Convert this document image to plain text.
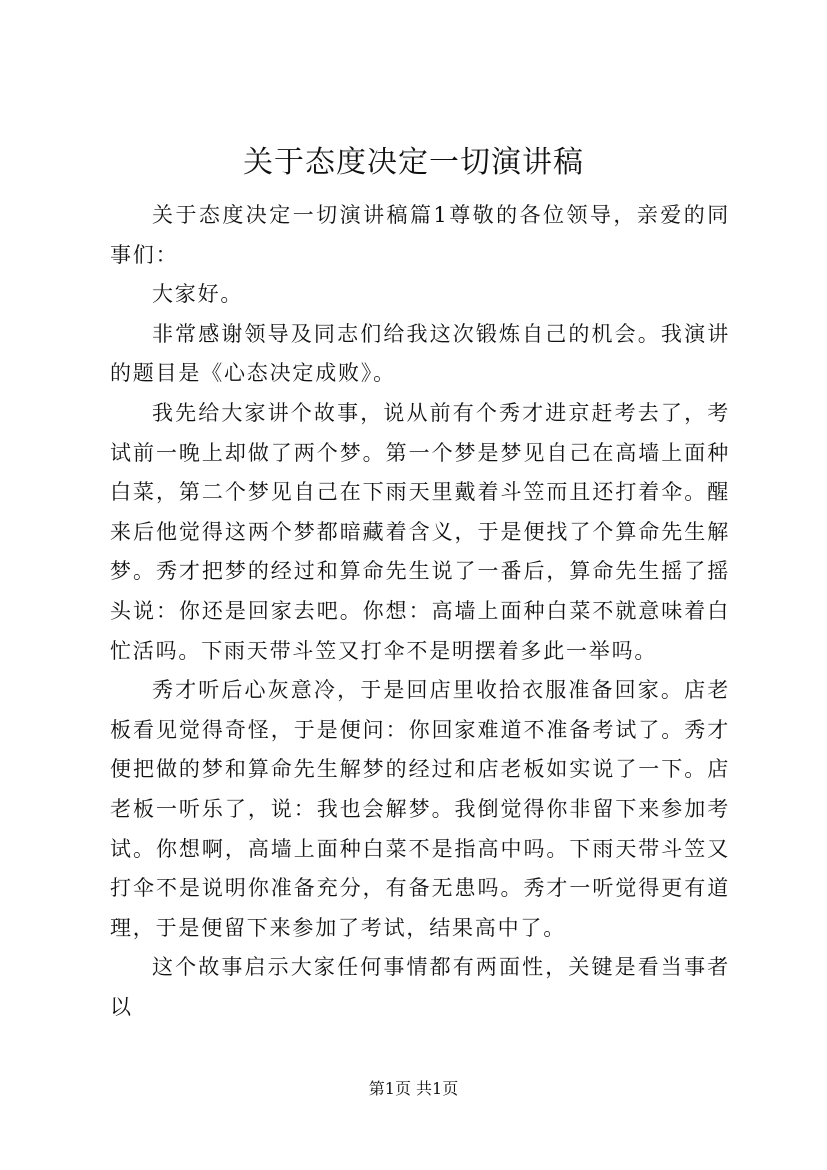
关于态度决定一切演讲稿

关于态度决定一切演讲稿篇1尊敬的各位领导，亲爱的同事们：

大家好。

非常感谢领导及同志们给我这次锻炼自己的机会。我演讲的题目是《心态决定成败》。

我先给大家讲个故事，说从前有个秀才进京赶考去了，考试前一晚上却做了两个梦。第一个梦是梦见自己在高墙上面种白菜，第二个梦见自己在下雨天里戴着斗笠而且还打着伞。醒来后他觉得这两个梦都暗藏着含义，于是便找了个算命先生解梦。秀才把梦的经过和算命先生说了一番后，算命先生摇了摇头说：你还是回家去吧。你想：高墙上面种白菜不就意味着白忙活吗。下雨天带斗笠又打伞不是明摆着多此一举吗。

秀才听后心灰意冷，于是回店里收拾衣服准备回家。店老板看见觉得奇怪，于是便问：你回家难道不准备考试了。秀才便把做的梦和算命先生解梦的经过和店老板如实说了一下。店老板一听乐了，说：我也会解梦。我倒觉得你非留下来参加考试。你想啊，高墙上面种白菜不是指高中吗。下雨天带斗笠又打伞不是说明你准备充分，有备无患吗。秀才一听觉得更有道理，于是便留下来参加了考试，结果高中了。

这个故事启示大家任何事情都有两面性，关键是看当事者以

第1页 共1页
